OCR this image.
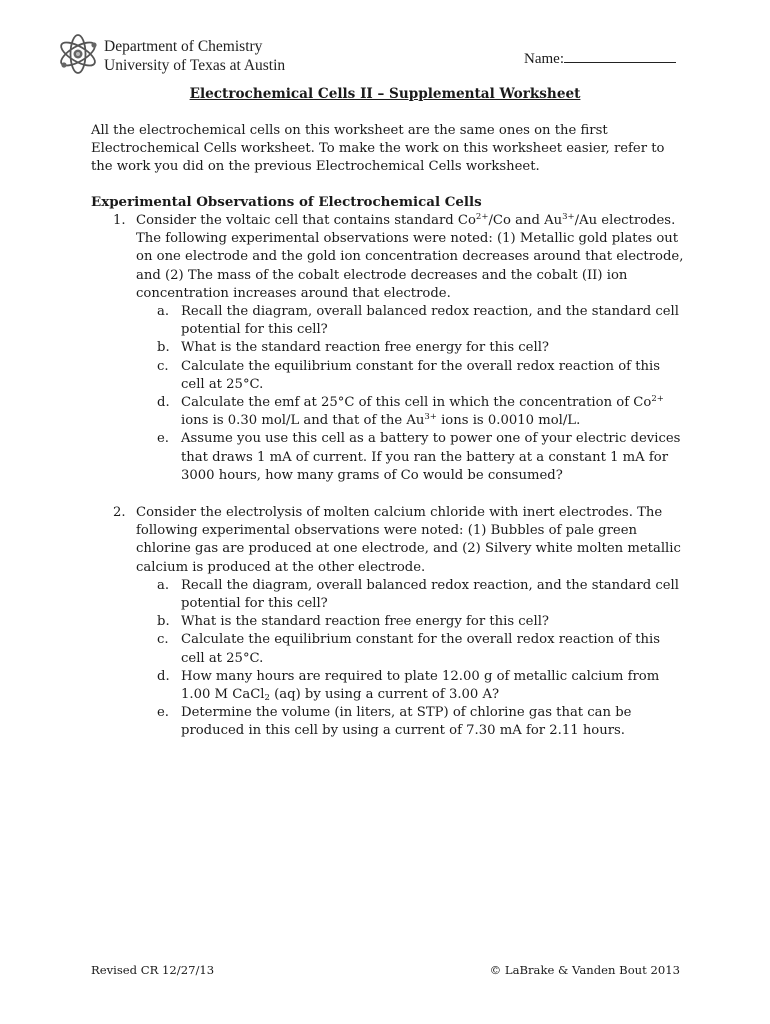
Department of Chemistry
University of Texas at Austin	Name:
Electrochemical Cells II – Supplemental Worksheet
All the electrochemical cells on this worksheet are the same ones on the first Electrochemical Cells worksheet. To make the work on this worksheet easier, refer to the work you did on the previous Electrochemical Cells worksheet.
Experimental Observations of Electrochemical Cells
1. Consider the voltaic cell that contains standard $Co^{2+}/Co$ and $Au^{3+}/Au$ electrodes. The following experimental observations were noted: (1) Metallic gold plates out on one electrode and the gold ion concentration decreases around that electrode, and (2) The mass of the cobalt electrode decreases and the cobalt (II) ion concentration increases around that electrode.
a. Recall the diagram, overall balanced redox reaction, and the standard cell potential for this cell?
b. What is the standard reaction free energy for this cell?
c. Calculate the equilibrium constant for the overall redox reaction of this cell at 25°C.
d. Calculate the emf at 25°C of this cell in which the concentration of $Co^{2+}$ ions is 0.30 mol/L and that of the $Au^{3+}$ ions is 0.0010 mol/L.
e. Assume you use this cell as a battery to power one of your electric devices that draws 1 mA of current. If you ran the battery at a constant 1 mA for 3000 hours, how many grams of Co would be consumed?
2. Consider the electrolysis of molten calcium chloride with inert electrodes. The following experimental observations were noted: (1) Bubbles of pale green chlorine gas are produced at one electrode, and (2) Silvery white molten metallic calcium is produced at the other electrode.
a. Recall the diagram, overall balanced redox reaction, and the standard cell potential for this cell?
b. What is the standard reaction free energy for this cell?
c. Calculate the equilibrium constant for the overall redox reaction of this cell at 25°C.
d. How many hours are required to plate 12.00 g of metallic calcium from 1.00 M CaCl$_2$ (aq) by using a current of 3.00 A?
e. Determine the volume (in liters, at STP) of chlorine gas that can be produced in this cell by using a current of 7.30 mA for 2.11 hours.
Revised CR 12/27/13	© LaBrake & Vanden Bout 2013
